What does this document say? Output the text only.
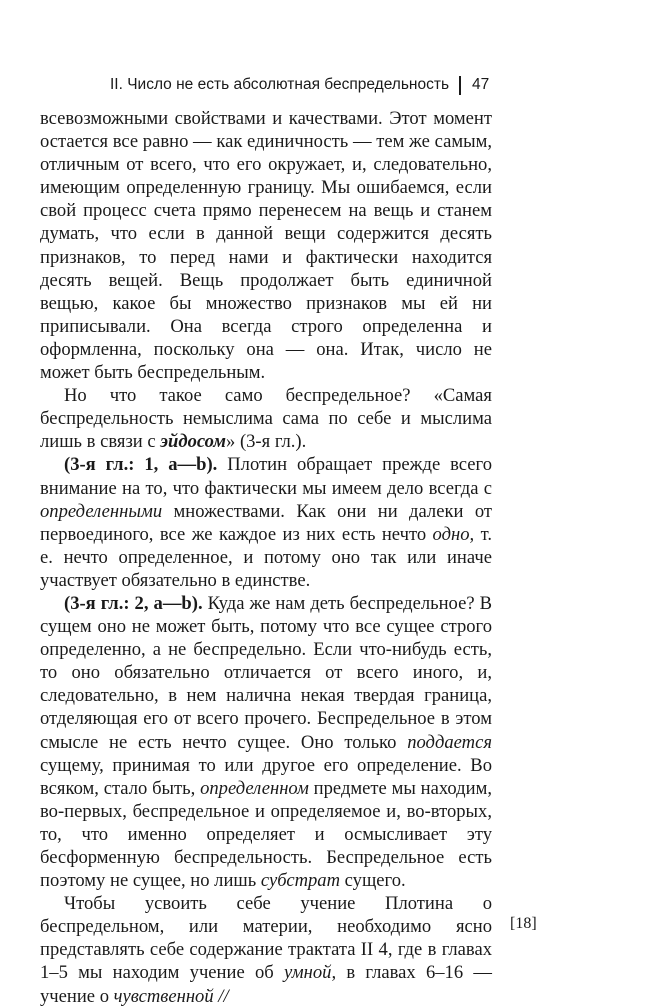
II. Число не есть абсолютная беспредельность 47

всевозможными свойствами и качествами. Этот момент остается все равно — как единичность — тем же самым, отличным от всего, что его окружает, и, следовательно, имеющим определенную границу. Мы ошибаемся, если свой процесс счета прямо перенесем на вещь и станем думать, что если в данной вещи содержится десять признаков, то перед нами и фактически находится десять вещей. Вещь продолжает быть единичной вещью, какое бы множество признаков мы ей ни приписывали. Она всегда строго определенна и оформленна, поскольку она — она. Итак, число не может быть беспредельным.

Но что такое само беспредельное? «Самая беспредельность немыслима сама по себе и мыслима лишь в связи с эйдосом» (3-я гл.).

(3-я гл.: 1, a—b). Плотин обращает прежде всего внимание на то, что фактически мы имеем дело всегда с определенными множествами. Как они ни далеки от первоединого, все же каждое из них есть нечто одно, т. е. нечто определенное, и потому оно так или иначе участвует обязательно в единстве.

(3-я гл.: 2, a—b). Куда же нам деть беспредельное? В сущем оно не может быть, потому что все сущее строго определенно, а не беспредельно. Если что-нибудь есть, то оно обязательно отличается от всего иного, и, следовательно, в нем налична некая твердая граница, отделяющая его от всего прочего. Беспредельное в этом смысле не есть нечто сущее. Оно только поддается сущему, принимая то или другое его определение. Во всяком, стало быть, определенном предмете мы находим, во-первых, беспредельное и определяемое и, во-вторых, то, что именно определяет и осмысливает эту бесформенную беспредельность. Беспредельное есть поэтому не сущее, но лишь субстрат сущего.

Чтобы усвоить себе учение Плотина о беспредельном, или материи, необходимо ясно представлять себе содержание трактата II 4, где в главах 1–5 мы находим учение об умной, в главах 6–16 — учение о чувственной //

[18]
